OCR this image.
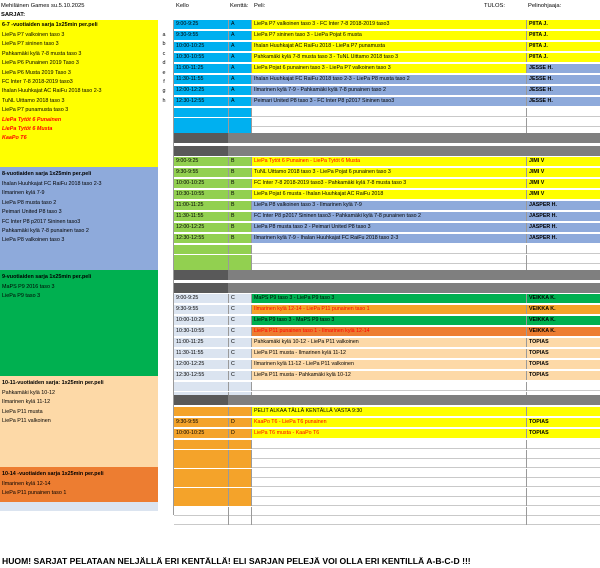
Mehiläinen Games su.5.10.2025
SARJAT:
Kello	Kenttä: Peli:	TULOS:	Pelinohjaaja:
a
b
c
d
e
f
g
h
6-7 -vuotiaiden sarja 1x25min per.peli
LiePa P7 valkoinen taso 3
LiePa P7 sininen taso 3
Pahkamäki kylä 7-8 musta taso 3
LiePa P6 Punainen 2019 Taso 3
LiePa P6 Musta 2019 Taso 3
FC Inter 7-8 2018-2019 taso3
Ihalan Huuhkajat AC RaiFu 2018 taso 2-3
TuNL Uittamo 2018 taso 3
LiePa P7 punamusta taso 3
LiePa Tytöt 6 Punainen
LiePa Tytöt 6 Musta
KaaPo T6
8-vuotiaiden sarja 1x25min per.peli
Ihalan Huuhkajat FC RaiFu 2018 taso 2-3
Ilmarinen kylä 7-9
LiePa P8 musta taso 2
Peimari United P8 taso 3
FC Inter P8 p2017 Sininen taso3
Pahkamäki kylä 7-8 punainen taso 2
LiePa P8 valkoinen taso 3
9-vuotiaiden sarja 1x25min per.peli
MaPS P9 2016 taso 3
LiePa P9 taso 3
10-11-vuotiaiden sarja: 1x25min per.peli
Pahkamäki kylä 10-12
Ilmarinen kylä 11-12
LiePa P11 musta
LiePa P11 valkoinen
10-14 -vuotiaiden sarja 1x25min per.peli
Ilmarinen kylä 12-14
LiePa P11 punainen taso 1
9:00-9:25	A	LiePa P7 valkoinen taso 3 - FC Inter 7-8 2018-2019 taso3	PIITA J.
9:30-9:55	A	LiePa P7 sininen taso 3 - LiePa Pojat 6 musta	PIITA J.
10:00-10:25	A	Ihalan Huuhkajat AC RaiFu 2018 - LiePa P7 punamusta	PIITA J.
10:30-10:55	A	Pahkamäki kylä 7-8 musta taso 3 - TuNL Uittamo 2018 taso 3	PIITA J.
11:00-11:25	A	LiePa Pojat 6 punainen taso 3 - LiePa P7 valkoinen taso 3	JESSE H.
11:30-11:55	A	Ihalan Huuhkajat FC RaiFu 2018 taso 2-3 - LiePa P8 musta taso 2	JESSE H.
12:00-12:25	A	Ilmarinen kylä 7-9 - Pahkamäki kylä 7-8 punainen taso 2	JESSE H.
12:30-12:55	A	Peimari United P8 taso 3 - FC Inter P8 p2017 Sininen taso3	JESSE H.
9:00-9:25	B	LiePa Tytöt 6 Punainen - LiePa Tytöt 6 Musta	JIMI V
9:30-9:55	B	TuNL Uittamo 2018 taso 3 - LiePa Pojat 6 punainen taso 3	JIMI V
10:00-10:25	B	FC Inter 7-8 2018-2019 taso3 - Pahkamäki kylä 7-8 musta taso 3	JIMI V
10:30-10:55	B	LiePa Pojat 6 musta - Ihalan Huuhkajat AC RaiFu 2018	JIMI V
11:00-11:25	B	LiePa P8 valkoinen taso 3 - Ilmarinen kylä 7-9	JASPER H.
11:30-11:55	B	FC Inter P8 p2017 Sininen taso3 - Pahkamäki kylä 7-8 punainen taso 2	JASPER H.
12:00-12:25	B	LiePa P8 musta taso 2 - Peimari United P8 taso 3	JASPER H.
12:30-12:55	B	Ilmarinen kylä 7-9 - Ihalan Huuhkajat FC RaiFu 2018 taso 2-3	JASPER H.
9:00-9:25	C	MaPS P9 taso 3 - LiePa P9 taso 3	VEIKKA K.
9:30-9:55	C	Ilmarinen kylä 12-14 - LiePa P11 punainen taso 1	VEIKKA K.
10:00-10:25	C	LiePa P9 taso 3 - MaPS P9 taso 3	VEIKKA K.
10:30-10:55	C	LiePa P11 punainen taso 1 - Ilmarinen kylä 12-14	VEIKKA K.
11:00-11:25	C	Pahkamäki kylä 10-12 - LiePa P11 valkoinen	TOPIAS
11:30-11:55	C	LiePa P11 musta - Ilmarinen kylä 11-12	TOPIAS
12:00-12:25	C	Ilmarinen kylä 11-12 - LiePa P11 valkoinen	TOPIAS
12:30-12:55	C	LiePa P11 musta - Pahkamäki kylä 10-12	TOPIAS
PELIT ALKAA TÄLLÄ KENTÄLLÄ VASTA 9:30
9:30-9:55	D	KaaPo T6 - LiePa T6 punainen	TOPIAS
10:00-10:25	D	LiePa T6 musta - KaaPo T6	TOPIAS
HUOM! SARJAT PELATAAN NELJÄLLÄ ERI KENTÄLLÄ! ELI SARJAN PELEJÄ VOI OLLA ERI KENTILLÄ A-B-C-D !!!
